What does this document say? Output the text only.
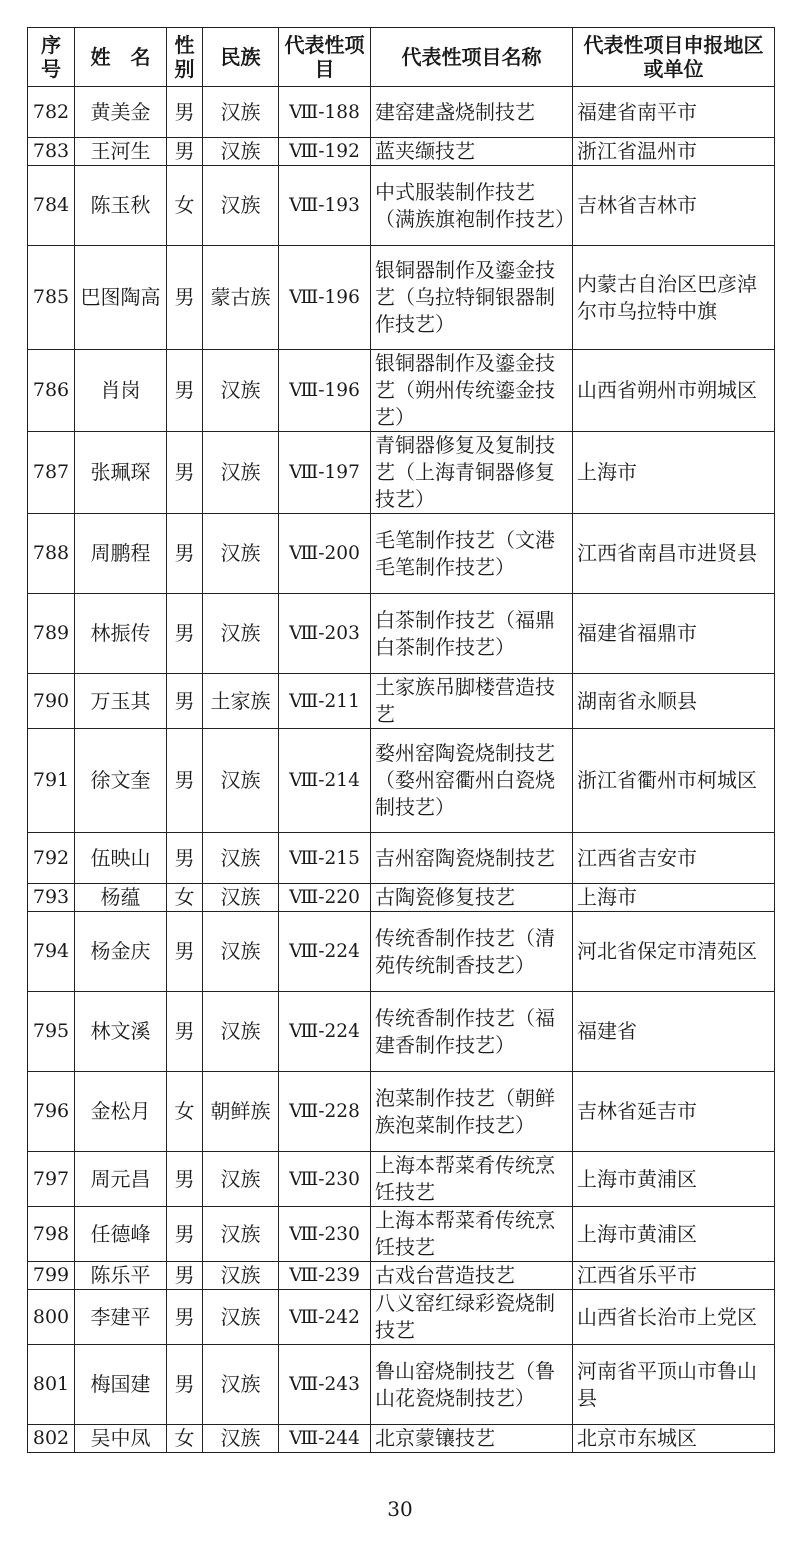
序号	姓　名	性别	民族	代表性项目	代表性项目名称	代表性项目申报地区或单位
782	黄美金	男	汉族	Ⅷ-188	建窑建盏烧制技艺	福建省南平市
783	王河生	男	汉族	Ⅷ-192	蓝夹缬技艺	浙江省温州市
784	陈玉秋	女	汉族	Ⅷ-193	中式服装制作技艺（满族旗袍制作技艺）	吉林省吉林市
785	巴图陶高	男	蒙古族	Ⅷ-196	银铜器制作及鎏金技艺（乌拉特铜银器制作技艺）	内蒙古自治区巴彦淖尔市乌拉特中旗
786	肖岗	男	汉族	Ⅷ-196	银铜器制作及鎏金技艺（朔州传统鎏金技艺）	山西省朔州市朔城区
787	张珮琛	男	汉族	Ⅷ-197	青铜器修复及复制技艺（上海青铜器修复技艺）	上海市
788	周鹏程	男	汉族	Ⅷ-200	毛笔制作技艺（文港毛笔制作技艺）	江西省南昌市进贤县
789	林振传	男	汉族	Ⅷ-203	白茶制作技艺（福鼎白茶制作技艺）	福建省福鼎市
790	万玉其	男	土家族	Ⅷ-211	土家族吊脚楼营造技艺	湖南省永顺县
791	徐文奎	男	汉族	Ⅷ-214	婺州窑陶瓷烧制技艺（婺州窑衢州白瓷烧制技艺）	浙江省衢州市柯城区
792	伍映山	男	汉族	Ⅷ-215	吉州窑陶瓷烧制技艺	江西省吉安市
793	杨蕴	女	汉族	Ⅷ-220	古陶瓷修复技艺	上海市
794	杨金庆	男	汉族	Ⅷ-224	传统香制作技艺（清苑传统制香技艺）	河北省保定市清苑区
795	林文溪	男	汉族	Ⅷ-224	传统香制作技艺（福建香制作技艺）	福建省
796	金松月	女	朝鲜族	Ⅷ-228	泡菜制作技艺（朝鲜族泡菜制作技艺）	吉林省延吉市
797	周元昌	男	汉族	Ⅷ-230	上海本帮菜肴传统烹饪技艺	上海市黄浦区
798	任德峰	男	汉族	Ⅷ-230	上海本帮菜肴传统烹饪技艺	上海市黄浦区
799	陈乐平	男	汉族	Ⅷ-239	古戏台营造技艺	江西省乐平市
800	李建平	男	汉族	Ⅷ-242	八义窑红绿彩瓷烧制技艺	山西省长治市上党区
801	梅国建	男	汉族	Ⅷ-243	鲁山窑烧制技艺（鲁山花瓷烧制技艺）	河南省平顶山市鲁山县
802	吴中凤	女	汉族	Ⅷ-244	北京蒙镶技艺	北京市东城区
30
